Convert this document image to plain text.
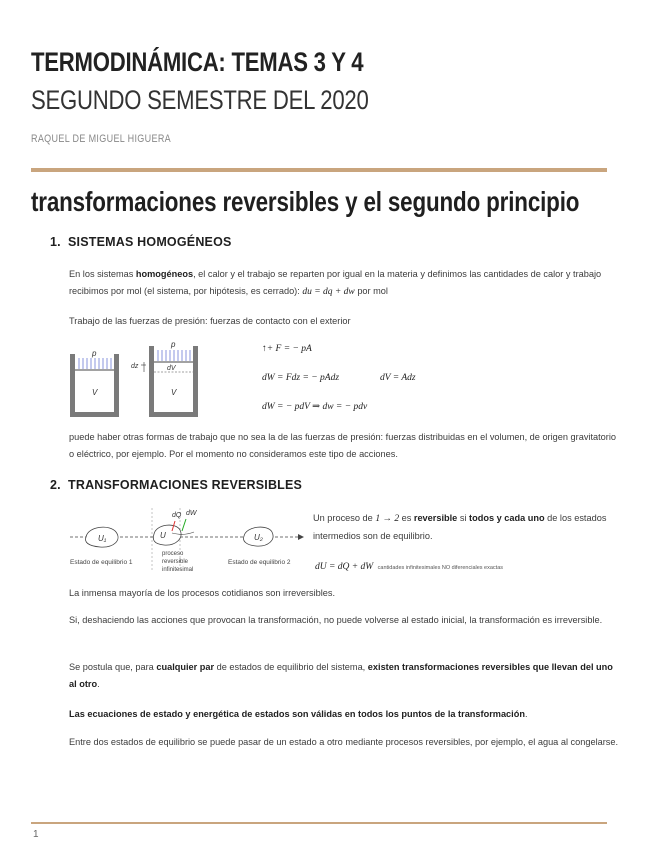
TERMODINÁMICA: TEMAS 3 Y 4
SEGUNDO SEMESTRE DEL 2020
RAQUEL DE MIGUEL HIGUERA
transformaciones reversibles y el segundo principio
1. SISTEMAS HOMOGÉNEOS
En los sistemas homogéneos, el calor y el trabajo se reparten por igual en la materia y definimos las cantidades de calor y trabajo recibimos por mol (el sistema, por hipótesis, es cerrado): du = dq + dw por mol
Trabajo de las fuerzas de presión: fuerzas de contacto con el exterior
p
V
dz
p
dV
V
↑+ F = − pA
dW = Fdz = − pAdz	dV = Adz
dW = − pdV ⇒ dw = − pdv
puede haber otras formas de trabajo que no sea la de las fuerzas de presión: fuerzas distribuidas en el volumen, de origen gravitatorio o eléctrico, por ejemplo. Por el momento no consideramos este tipo de acciones.
2. TRANSFORMACIONES REVERSIBLES
U₁	U
dQ dW
U₂
Estado de equilibrio 1
proceso
reversible
infinitesimal
Estado de equilibrio 2
Un proceso de 1 → 2 es reversible si todos y cada uno de los estados intermedios son de equilibrio.
dU = dQ + dW cantidades infinitesimales NO diferenciales exactas
La inmensa mayoría de los procesos cotidianos son irreversibles.
Si, deshaciendo las acciones que provocan la transformación, no puede volverse al estado inicial, la transformación es irreversible.
Se postula que, para cualquier par de estados de equilibrio del sistema, existen transformaciones reversibles que llevan del uno al otro.
Las ecuaciones de estado y energética de estados son válidas en todos los puntos de la transformación.
Entre dos estados de equilibrio se puede pasar de un estado a otro mediante procesos reversibles, por ejemplo, el agua al congelarse.
1
